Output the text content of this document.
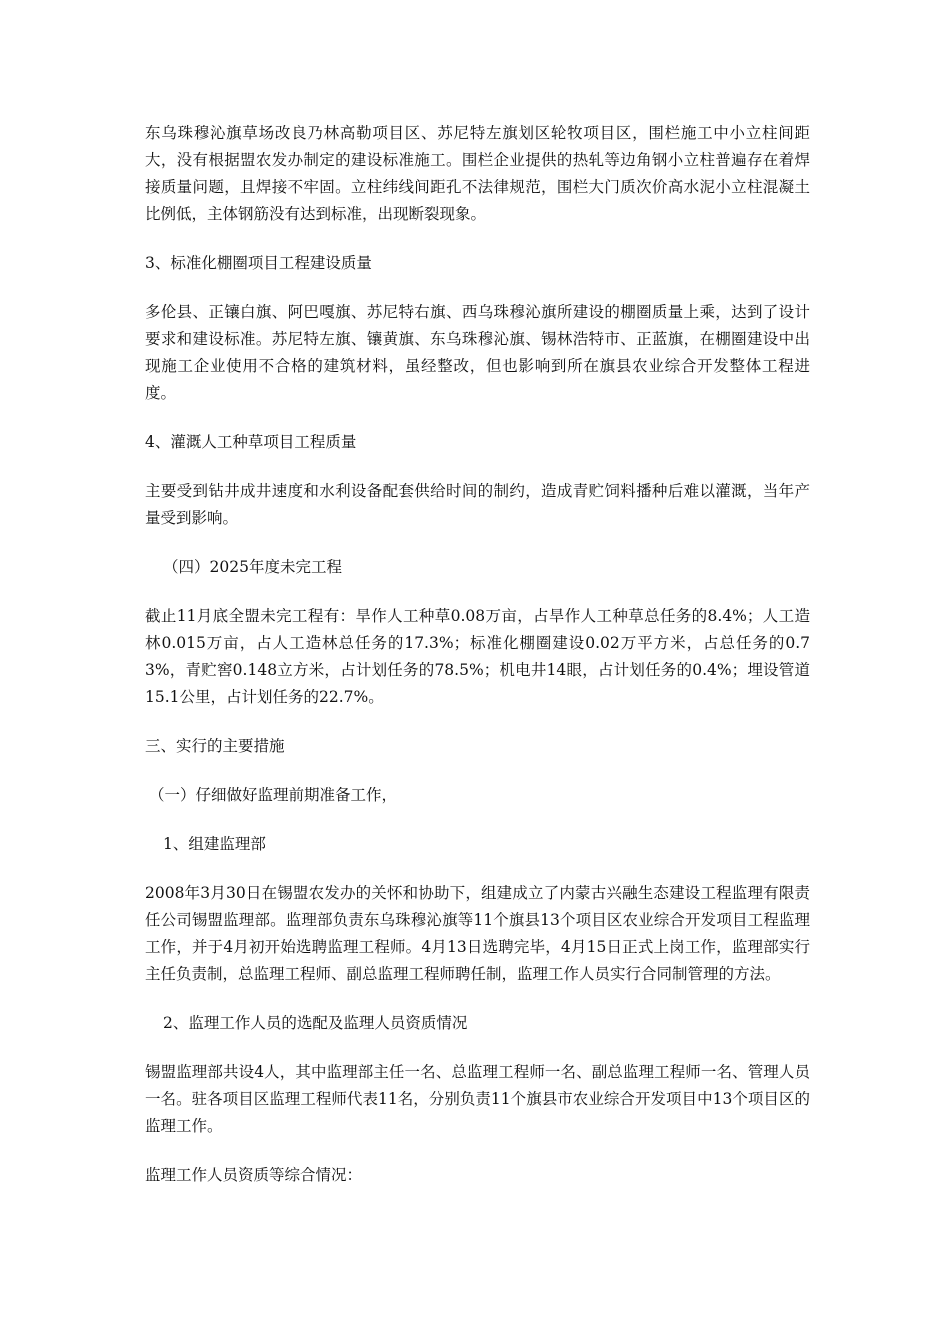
东乌珠穆沁旗草场改良乃林高勒项目区、苏尼特左旗划区轮牧项目区，围栏施工中小立柱间距大，没有根据盟农发办制定的建设标准施工。围栏企业提供的热轧等边角钢小立柱普遍存在着焊接质量问题，且焊接不牢固。立柱纬线间距孔不法律规范，围栏大门质次价高水泥小立柱混凝土比例低，主体钢筋没有达到标准，出现断裂现象。

3、标准化棚圈项目工程建设质量

多伦县、正镶白旗、阿巴嘎旗、苏尼特右旗、西乌珠穆沁旗所建设的棚圈质量上乘，达到了设计要求和建设标准。苏尼特左旗、镶黄旗、东乌珠穆沁旗、锡林浩特市、正蓝旗，在棚圈建设中出现施工企业使用不合格的建筑材料，虽经整改，但也影响到所在旗县农业综合开发整体工程进度。

4、灌溉人工种草项目工程质量

主要受到钻井成井速度和水利设备配套供给时间的制约，造成青贮饲料播种后难以灌溉，当年产量受到影响。

（四）2025年度未完工程

截止11月底全盟未完工程有：旱作人工种草0.08万亩，占旱作人工种草总任务的8.4%；人工造林0.015万亩，占人工造林总任务的17.3%；标准化棚圈建设0.02万平方米，占总任务的0.73%，青贮窖0.148立方米，占计划任务的78.5%；机电井14眼，占计划任务的0.4%；埋设管道15.1公里，占计划任务的22.7%。

三、实行的主要措施

（一）仔细做好监理前期准备工作，

1、组建监理部

2008年3月30日在锡盟农发办的关怀和协助下，组建成立了内蒙古兴融生态建设工程监理有限责任公司锡盟监理部。监理部负责东乌珠穆沁旗等11个旗县13个项目区农业综合开发项目工程监理工作，并于4月初开始选聘监理工程师。4月13日选聘完毕，4月15日正式上岗工作，监理部实行主任负责制，总监理工程师、副总监理工程师聘任制，监理工作人员实行合同制管理的方法。

2、监理工作人员的选配及监理人员资质情况

锡盟监理部共设4人，其中监理部主任一名、总监理工程师一名、副总监理工程师一名、管理人员一名。驻各项目区监理工程师代表11名，分别负责11个旗县市农业综合开发项目中13个项目区的监理工作。

监理工作人员资质等综合情况：
